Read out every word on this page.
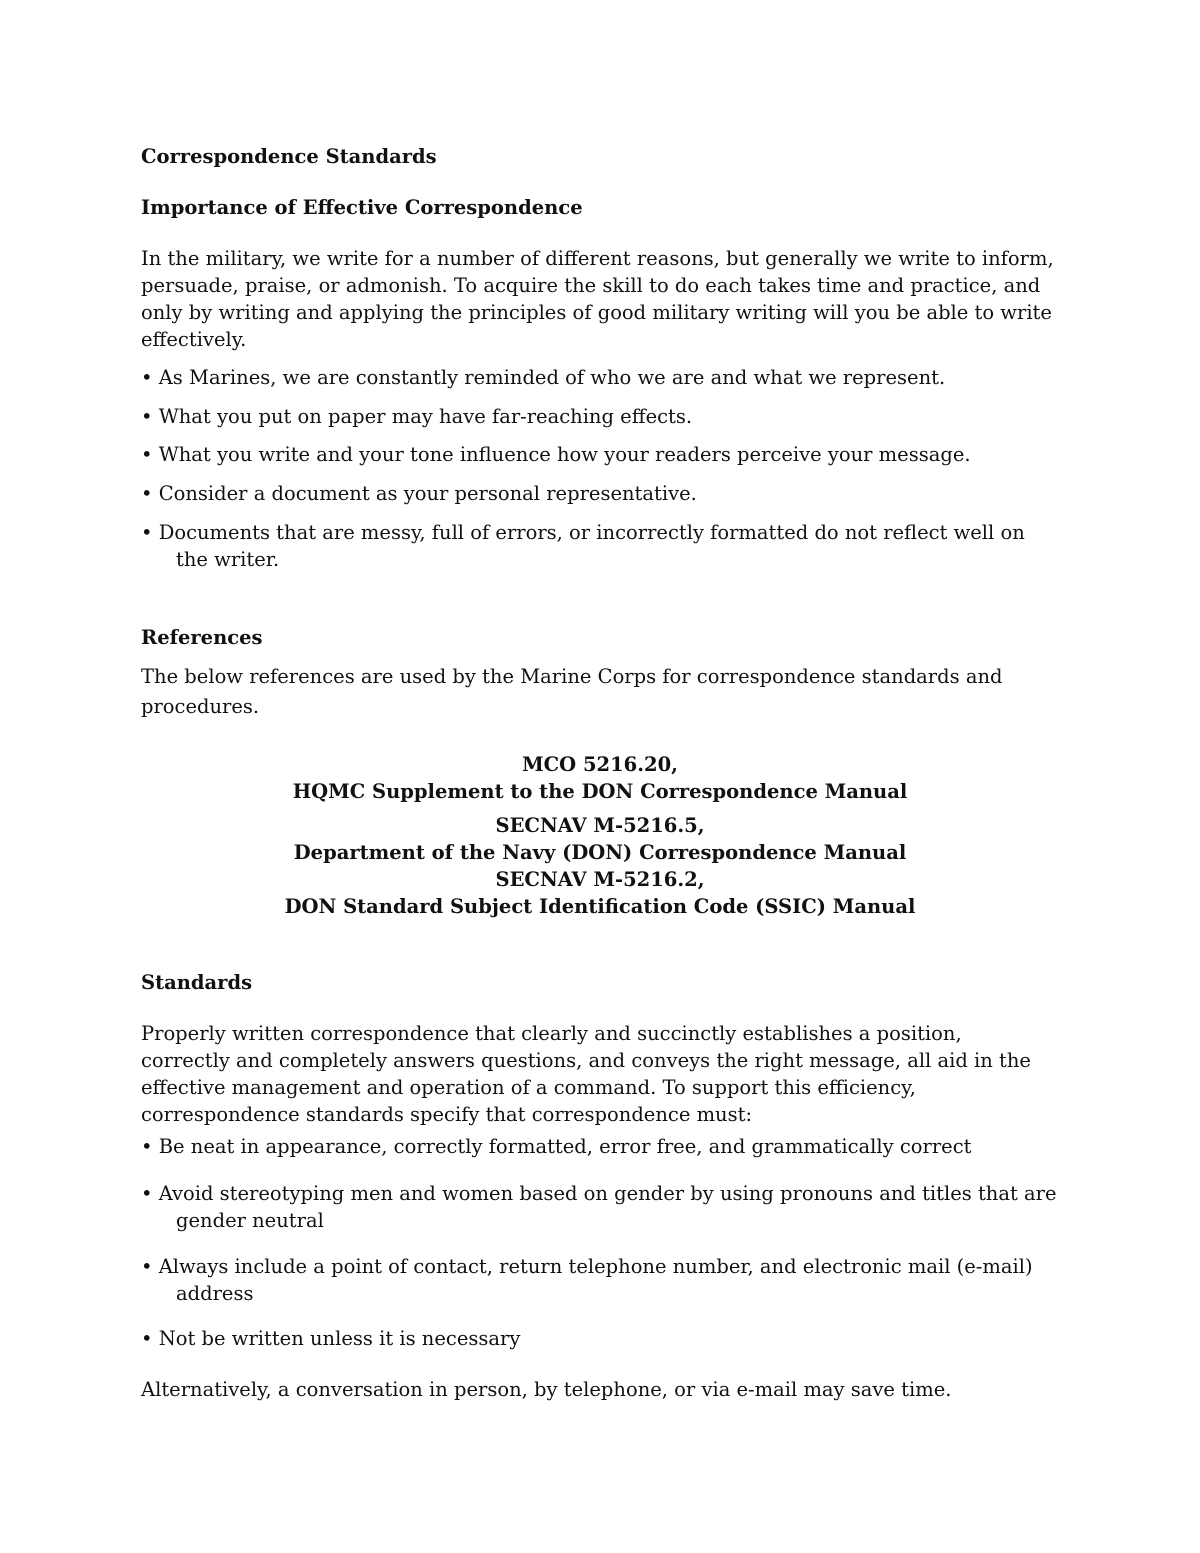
Correspondence Standards

Importance of Effective Correspondence

In the military, we write for a number of different reasons, but generally we write to inform, persuade, praise, or admonish. To acquire the skill to do each takes time and practice, and only by writing and applying the principles of good military writing will you be able to write effectively.

• As Marines, we are constantly reminded of who we are and what we represent.

• What you put on paper may have far-reaching effects.

• What you write and your tone influence how your readers perceive your message.

• Consider a document as your personal representative.

• Documents that are messy, full of errors, or incorrectly formatted do not reflect well on the writer.

References

The below references are used by the Marine Corps for correspondence standards and procedures.

MCO 5216.20,

HQMC Supplement to the DON Correspondence Manual

SECNAV M-5216.5,

Department of the Navy (DON) Correspondence Manual

SECNAV M-5216.2,

DON Standard Subject Identification Code (SSIC) Manual

Standards

Properly written correspondence that clearly and succinctly establishes a position, correctly and completely answers questions, and conveys the right message, all aid in the effective management and operation of a command. To support this efficiency, correspondence standards specify that correspondence must:

• Be neat in appearance, correctly formatted, error free, and grammatically correct

• Avoid stereotyping men and women based on gender by using pronouns and titles that are gender neutral

• Always include a point of contact, return telephone number, and electronic mail (e-mail) address

• Not be written unless it is necessary

Alternatively, a conversation in person, by telephone, or via e-mail may save time.
